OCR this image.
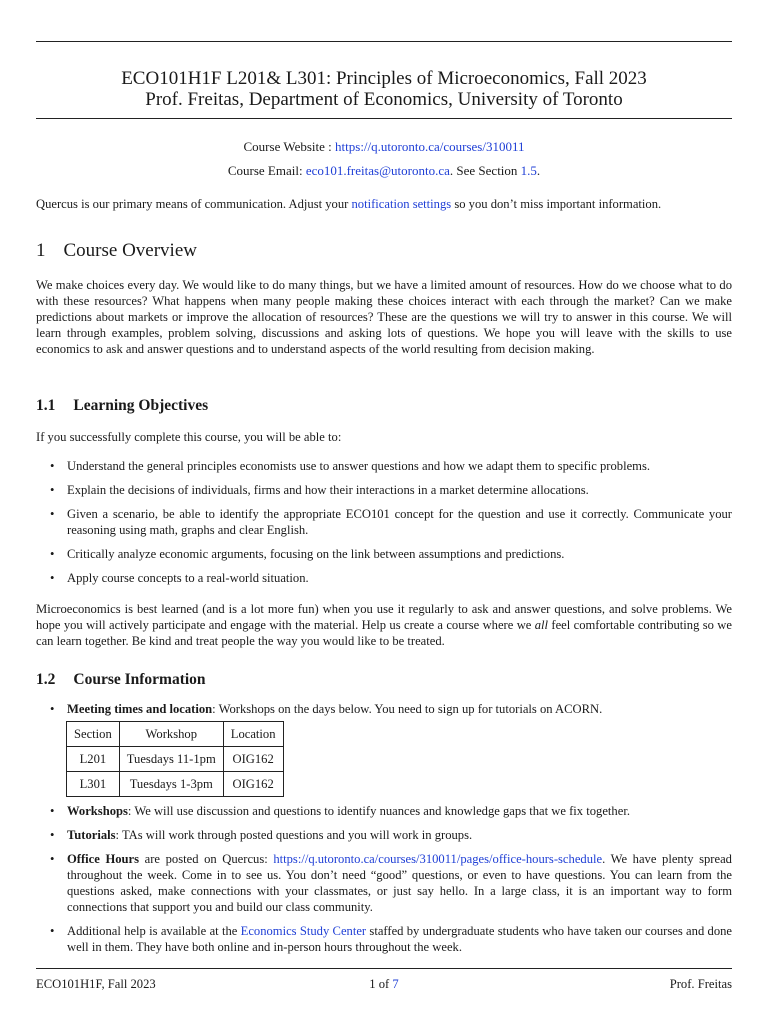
ECO101H1F L201& L301: Principles of Microeconomics, Fall 2023
Prof. Freitas, Department of Economics, University of Toronto
Course Website : https://q.utoronto.ca/courses/310011
Course Email: eco101.freitas@utoronto.ca. See Section 1.5.
Quercus is our primary means of communication. Adjust your notification settings so you don’t miss important information.
1 Course Overview
We make choices every day. We would like to do many things, but we have a limited amount of resources. How do we choose what to do with these resources? What happens when many people making these choices interact with each through the market? Can we make predictions about markets or improve the allocation of resources? These are the questions we will try to answer in this course. We will learn through examples, problem solving, discussions and asking lots of questions. We hope you will leave with the skills to use economics to ask and answer questions and to understand aspects of the world resulting from decision making.
1.1 Learning Objectives
If you successfully complete this course, you will be able to:
• Understand the general principles economists use to answer questions and how we adapt them to specific problems.
• Explain the decisions of individuals, firms and how their interactions in a market determine allocations.
• Given a scenario, be able to identify the appropriate ECO101 concept for the question and use it correctly. Communicate your reasoning using math, graphs and clear English.
• Critically analyze economic arguments, focusing on the link between assumptions and predictions.
• Apply course concepts to a real-world situation.
Microeconomics is best learned (and is a lot more fun) when you use it regularly to ask and answer questions, and solve problems. We hope you will actively participate and engage with the material. Help us create a course where we all feel comfortable contributing so we can learn together. Be kind and treat people the way you would like to be treated.
1.2 Course Information
• Meeting times and location: Workshops on the days below. You need to sign up for tutorials on ACORN.
Section	Workshop	Location
L201	Tuesdays 11-1pm	OIG162
L301	Tuesdays 1-3pm	OIG162
• Workshops: We will use discussion and questions to identify nuances and knowledge gaps that we fix together.
• Tutorials: TAs will work through posted questions and you will work in groups.
• Office Hours are posted on Quercus: https://q.utoronto.ca/courses/310011/pages/office-hours-schedule. We have plenty spread throughout the week. Come in to see us. You don’t need “good” questions, or even to have questions. You can learn from the questions asked, make connections with your classmates, or just say hello. In a large class, it is an important way to form connections that support you and build our class community.
• Additional help is available at the Economics Study Center staffed by undergraduate students who have taken our courses and done well in them. They have both online and in-person hours throughout the week.
ECO101H1F, Fall 2023	1 of 7	Prof. Freitas
